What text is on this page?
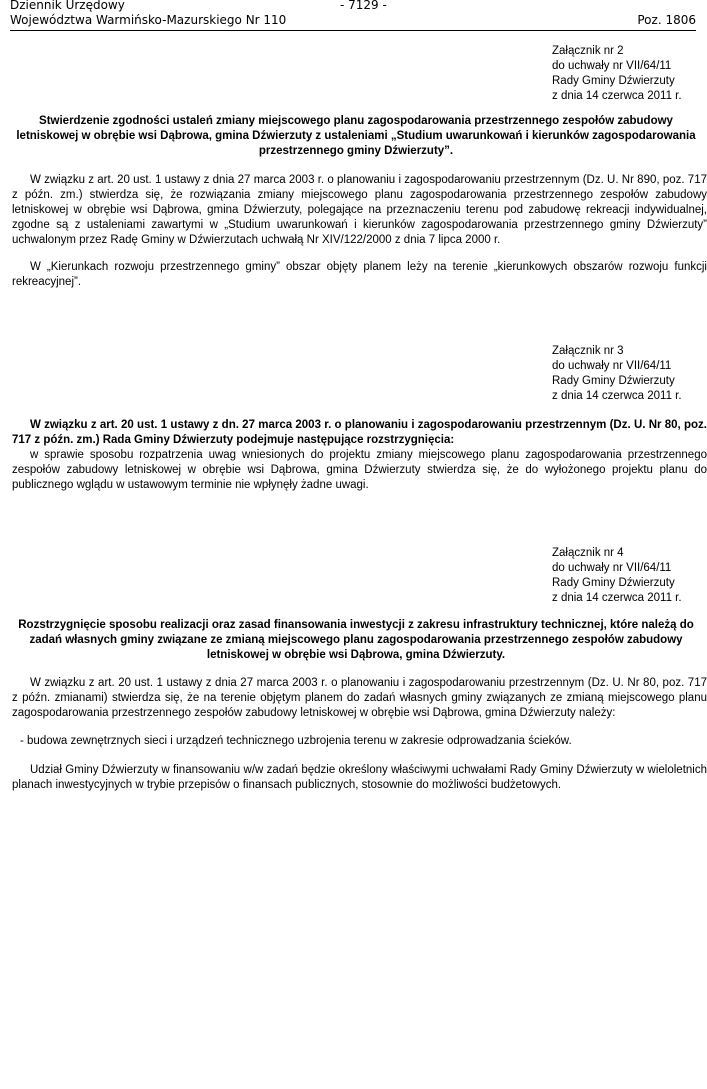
Dziennik Urzędowy	- 7129 -
Województwa Warmińsko-Mazurskiego Nr 110	Poz. 1806
Załącznik nr 2
do uchwały nr VII/64/11
Rady Gminy Dźwierzuty
z dnia 14 czerwca 2011 r.
Stwierdzenie zgodności ustaleń zmiany miejscowego planu zagospodarowania przestrzennego zespołów zabudowy letniskowej w obrębie wsi Dąbrowa, gmina Dźwierzuty z ustaleniami „Studium uwarunkowań i kierunków zagospodarowania przestrzennego gminy Dźwierzuty”.

W związku z art. 20 ust. 1 ustawy z dnia 27 marca 2003 r. o planowaniu i zagospodarowaniu przestrzennym (Dz. U. Nr 890, poz. 717 z późn. zm.) stwierdza się, że rozwiązania zmiany miejscowego planu zagospodarowania przestrzennego zespołów zabudowy letniskowej w obrębie wsi Dąbrowa, gmina Dźwierzuty, polegające na przeznaczeniu terenu pod zabudowę rekreacji indywidualnej, zgodne są z ustaleniami zawartymi w „Studium uwarunkowań i kierunków zagospodarowania przestrzennego gminy Dźwierzuty” uchwalonym przez Radę Gminy w Dźwierzutach uchwałą Nr XIV/122/2000 z dnia 7 lipca 2000 r.

W „Kierunkach rozwoju przestrzennego gminy” obszar objęty planem leży na terenie „kierunkowych obszarów rozwoju funkcji rekreacyjnej”.

Załącznik nr 3
do uchwały nr VII/64/11
Rady Gminy Dźwierzuty
z dnia 14 czerwca 2011 r.

W związku z art. 20 ust. 1 ustawy z dn. 27 marca 2003 r. o planowaniu i zagospodarowaniu przestrzennym (Dz. U. Nr 80, poz. 717 z późn. zm.) Rada Gminy Dźwierzuty podejmuje następujące rozstrzygnięcia:

w sprawie sposobu rozpatrzenia uwag wniesionych do projektu zmiany miejscowego planu zagospodarowania przestrzennego zespołów zabudowy letniskowej w obrębie wsi Dąbrowa, gmina Dźwierzuty stwierdza się, że do wyłożonego projektu planu do publicznego wglądu w ustawowym terminie nie wpłynęły żadne uwagi.

Załącznik nr 4
do uchwały nr VII/64/11
Rady Gminy Dźwierzuty
z dnia 14 czerwca 2011 r.
Rozstrzygnięcie sposobu realizacji oraz zasad finansowania inwestycji z zakresu infrastruktury technicznej, które należą do zadań własnych gminy związane ze zmianą miejscowego planu zagospodarowania przestrzennego zespołów zabudowy letniskowej w obrębie wsi Dąbrowa, gmina Dźwierzuty.

W związku z art. 20 ust. 1 ustawy z dnia 27 marca 2003 r. o planowaniu i zagospodarowaniu przestrzennym (Dz. U. Nr 80, poz. 717 z późn. zmianami) stwierdza się, że na terenie objętym planem do zadań własnych gminy związanych ze zmianą miejscowego planu zagospodarowania przestrzennego zespołów zabudowy letniskowej w obrębie wsi Dąbrowa, gmina Dźwierzuty należy:

- budowa zewnętrznych sieci i urządzeń technicznego uzbrojenia terenu w zakresie odprowadzania ścieków.

Udział Gminy Dźwierzuty w finansowaniu w/w zadań będzie określony właściwymi uchwałami Rady Gminy Dźwierzuty w wieloletnich planach inwestycyjnych w trybie przepisów o finansach publicznych, stosownie do możliwości budżetowych.
